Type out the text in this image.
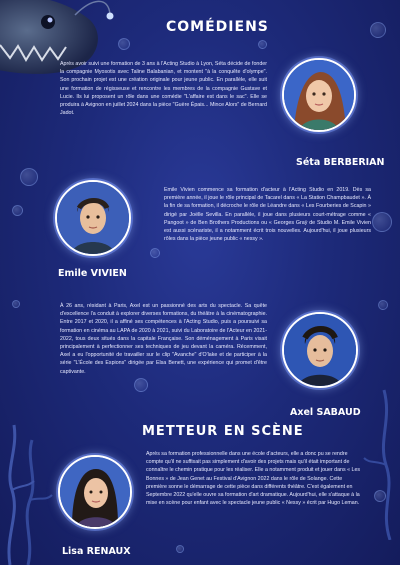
COMÉDIENS

Après avoir suivi une formation de 3 ans à l'Acting Studio à Lyon, Séta décide de fonder la compagnie Myosotis avec Taline Balabanian, et montent "à la conquête d'olympe". Son prochain projet est une création originale pour jeune public. En parallèle, elle suit une formation de régisseuse et rencontre les membres de la compagnie Gustave et Lucie. Ils lui proposent un rôle dans une comédie "L'affaire est dans le sac". Elle se produira à Avignon en juillet 2024 dans la pièce "Guère Épais... Mince Alors" de Bernard Jadot.

Séta BERBERIAN

Emile VIVIEN

Emile Vivien commence sa formation d'acteur à l'Acting Studio en 2019. Dès sa première année, il joue le rôle principal de Tacarel dans « La Station Champbaudet ». À la fin de sa formation, il décroche le rôle de Léandre dans « Les Fourberies de Scapin » dirigé par Joëlle Sevilla. En parallèle, il joue dans plusieurs court-métrage comme « Pangoot » de Ben Brothers Productions ou « Georges Graÿ de Studio M. Emile Vivien est aussi scénariste, il a notamment écrit trois nouvelles. Aujourd'hui, il joue plusieurs rôles dans la pièce jeune public « nessy ».

À 26 ans, résidant à Paris, Axel est un passionné des arts du spectacle. Sa quête d'excellence l'a conduit à explorer diverses formations, du théâtre à la cinématographie. Entre 2017 et 2020, il a affiné ses compétences à l'Acting Studio, puis a poursuivi sa formation en cinéma au LAPA de 2020 à 2021, suivi du Laboratoire de l'Acteur en 2021-2022, tous deux situés dans la capitale Française. Son déménagement à Paris visait principalement à perfectionner ses techniques de jeu devant la caméra. Récemment, Axel a eu l'opportunité de travailler sur le clip "Avanche" d'O'lake et de participer à la série "L'École des Espions" dirigée par Elsa Benett, une expérience qui promet d'être captivante.

Axel SABAUD

METTEUR EN SCÈNE

Lisa RENAUX

Après sa formation professionnelle dans une école d'acteurs, elle a donc pu se rendre compte qu'il ne suffisait pas simplement d'avoir des projets mais qu'il était important de connaître le chemin pratique pour les réaliser. Elle a notamment produit et jouer dans « Les Bonnes » de Jean Genet au Festival d'Avignon 2022 dans le rôle de Solange. Cette première sonne le démarrage de cette pièce dans différents théâtre. C'est également en Septembre 2022 qu'elle ouvre sa formation d'art dramatique. Aujourd'hui, elle s'attaque à la mise en scène pour enfant avec le spectacle jeune public « Nessy » écrit par Hugo Leman.
